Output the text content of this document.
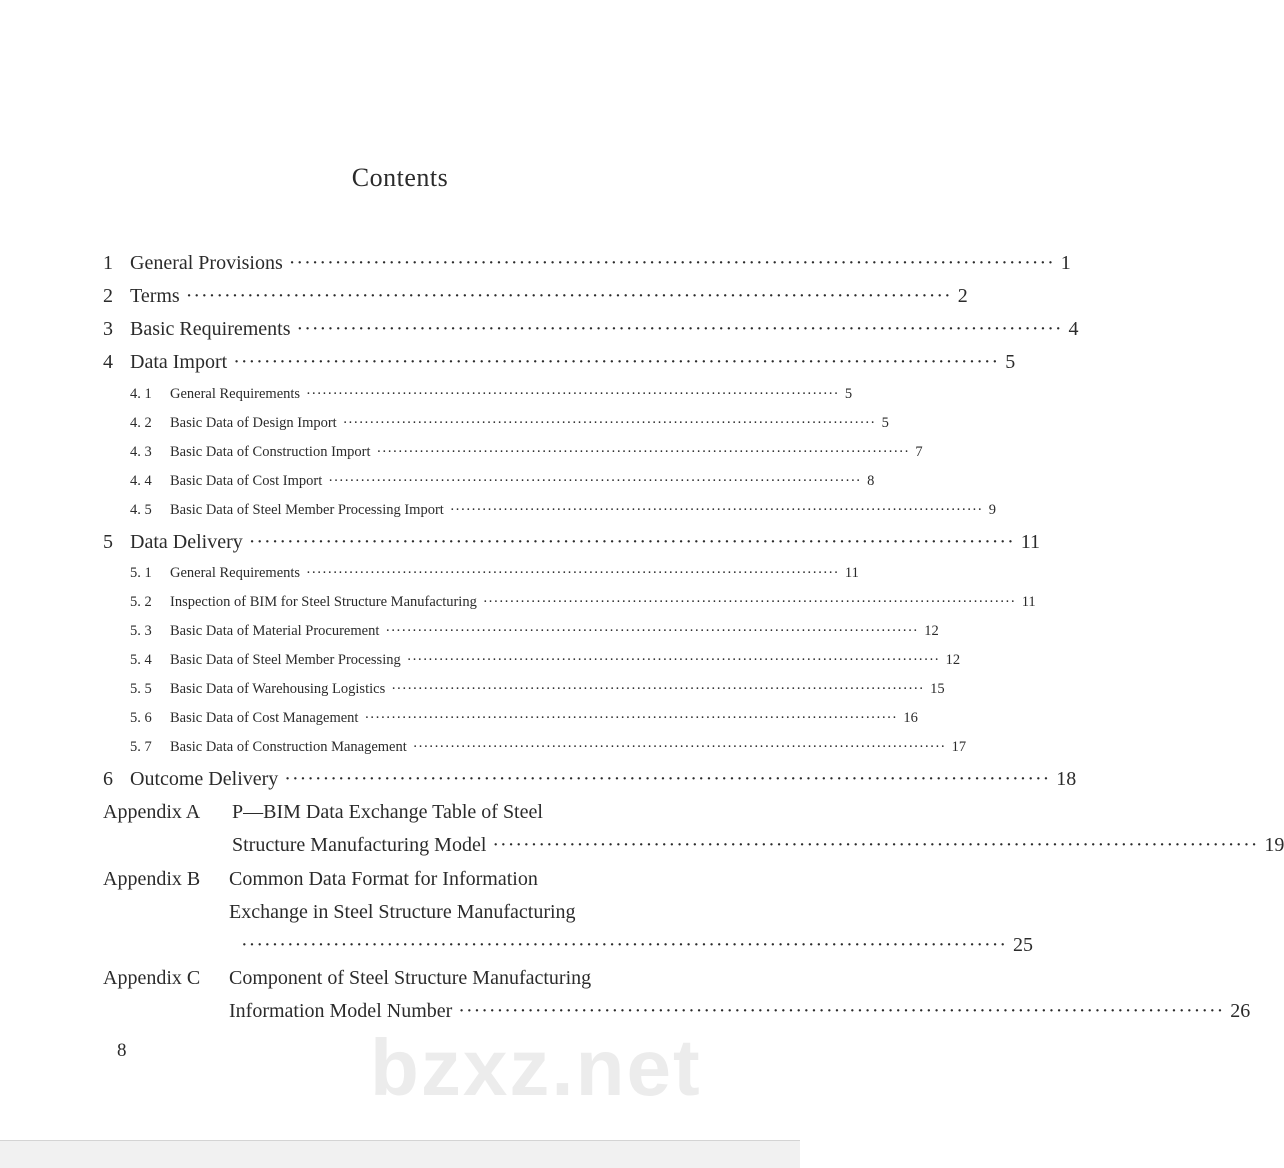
Contents
1 General Provisions ···································································································· 1
2 Terms ···································································································· 2
3 Basic Requirements ···································································································· 4
4 Data Import ···································································································· 5
4. 1	General Requirements ···································································································· 5
4. 2	Basic Data of Design Import ···································································································· 5
4. 3	Basic Data of Construction Import ···································································································· 7
4. 4	Basic Data of Cost Import ···································································································· 8
4. 5	Basic Data of Steel Member Processing Import ···································································································· 9
5 Data Delivery ···································································································· 11
5. 1	General Requirements ···································································································· 11
5. 2	Inspection of BIM for Steel Structure Manufacturing ···································································································· 11
5. 3	Basic Data of Material Procurement ···································································································· 12
5. 4	Basic Data of Steel Member Processing ···································································································· 12
5. 5	Basic Data of Warehousing Logistics ···································································································· 15
5. 6	Basic Data of Cost Management ···································································································· 16
5. 7	Basic Data of Construction Management ···································································································· 17
6 Outcome Delivery ···································································································· 18
Appendix A P—BIM Data Exchange Table of Steel
Structure Manufacturing Model ···································································································· 19
Appendix B Common Data Format for Information
Exchange in Steel Structure Manufacturing
···································································································· 25
Appendix C Component of Steel Structure Manufacturing
Information Model Number ···································································································· 26
8	bzxz.net
